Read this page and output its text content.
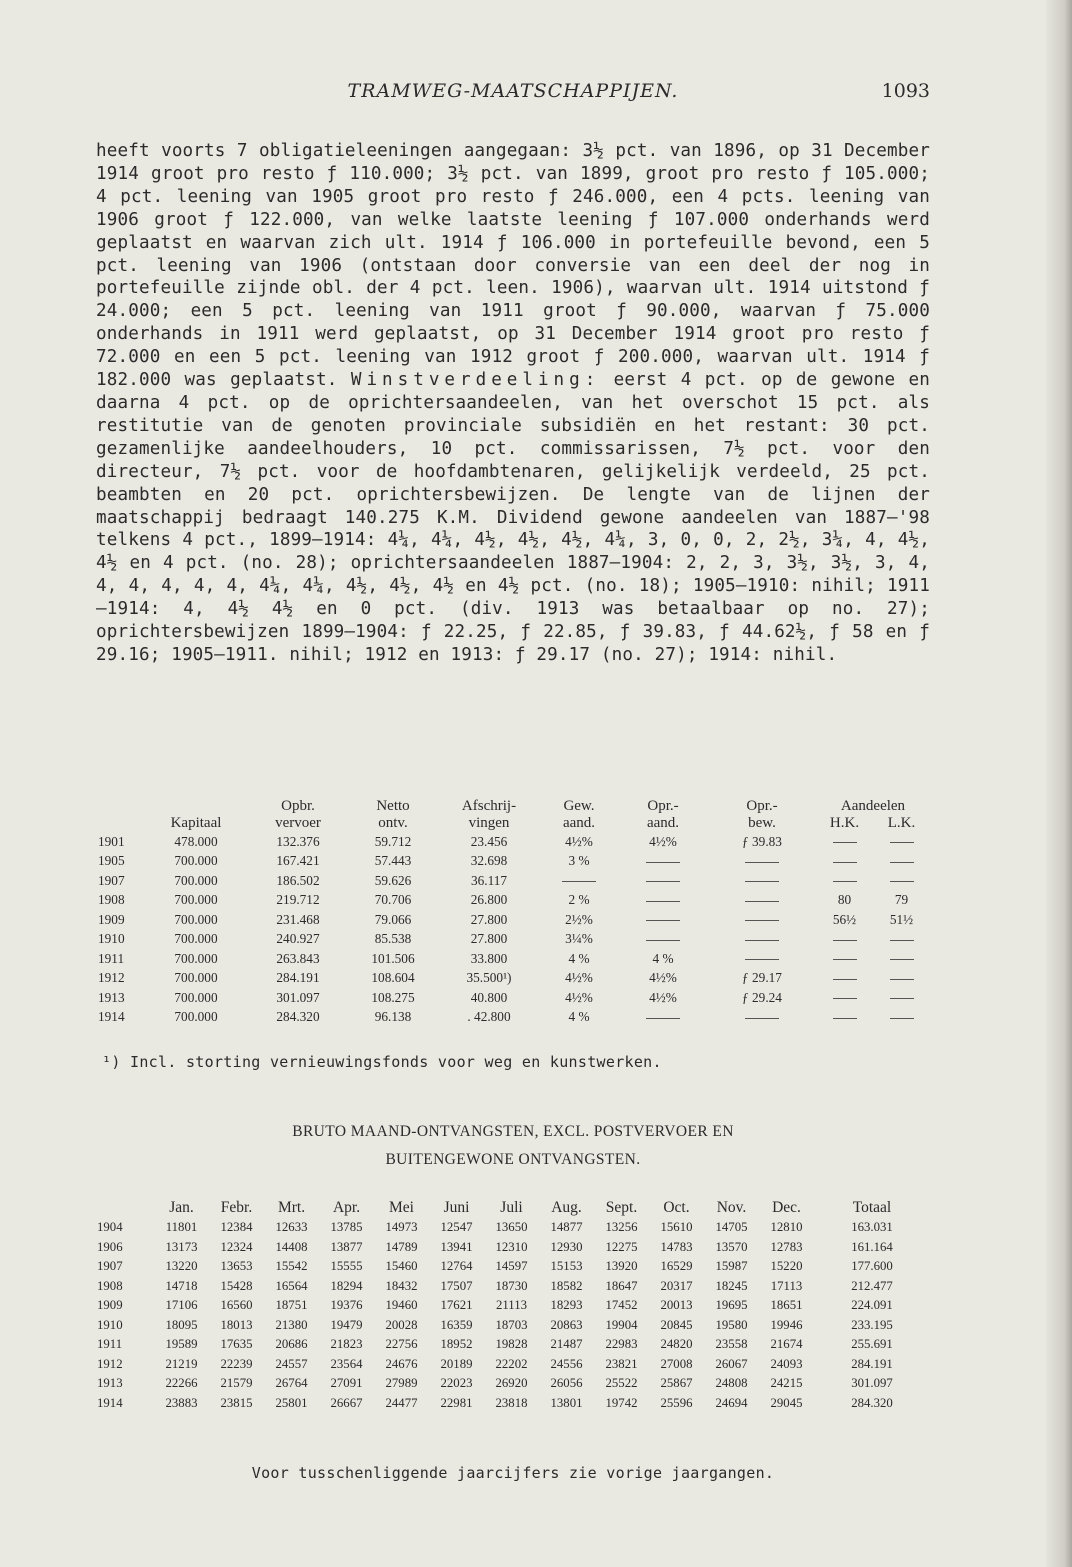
TRAMWEG-MAATSCHAPPIJEN.	1093
heeft voorts 7 obligatieleeningen aangegaan: 3½ pct. van 1896, op 31 December 1914 groot pro resto ƒ 110.000; 3½ pct. van 1899, groot pro resto ƒ 105.000; 4 pct. leening van 1905 groot pro resto ƒ 246.000, een 4 pcts. leening van 1906 groot ƒ 122.000, van welke laatste leening ƒ 107.000 onderhands werd geplaatst en waarvan zich ult. 1914 ƒ 106.000 in portefeuille bevond, een 5 pct. leening van 1906 (ontstaan door conversie van een deel der nog in portefeuille zijnde obl. der 4 pct. leen. 1906), waarvan ult. 1914 uitstond ƒ 24.000; een 5 pct. leening van 1911 groot ƒ 90.000, waarvan ƒ 75.000 onderhands in 1911 werd geplaatst, op 31 December 1914 groot pro resto ƒ 72.000 en een 5 pct. leening van 1912 groot ƒ 200.000, waarvan ult. 1914 ƒ 182.000 was geplaatst. Winstverdeeling: eerst 4 pct. op de gewone en daarna 4 pct. op de oprichtersaandeelen, van het overschot 15 pct. als restitutie van de genoten provinciale subsidiën en het restant: 30 pct. gezamenlijke aandeelhouders, 10 pct. commissarissen, 7½ pct. voor den directeur, 7½ pct. voor de hoofdambtenaren, gelijkelijk verdeeld, 25 pct. beambten en 20 pct. oprichtersbewijzen. De lengte van de lijnen der maatschappij bedraagt 140.275 K.M. Dividend gewone aandeelen van 1887—'98 telkens 4 pct., 1899—1914: 4¼, 4¼, 4½, 4½, 4½, 4¼, 3, 0, 0, 2, 2½, 3¼, 4, 4½, 4½ en 4 pct. (no. 28); oprichtersaandeelen 1887—1904: 2, 2, 3, 3½, 3½, 3, 4, 4, 4, 4, 4, 4, 4¼, 4¼, 4½, 4½, 4½ en 4½ pct. (no. 18); 1905—1910: nihil; 1911—1914: 4, 4½ 4½ en 0 pct. (div. 1913 was betaalbaar op no. 27); oprichtersbewijzen 1899—1904: ƒ 22.25, ƒ 22.85, ƒ 39.83, ƒ 44.62½, ƒ 58 en ƒ 29.16; 1905—1911. nihil; 1912 en 1913: ƒ 29.17 (no. 27); 1914: nihil.
		Opbr.	Netto	Afschrij-	Gew.	Opr.-	Opr.-	Aandeelen	
	Kapitaal	vervoer	ontv.	vingen	aand.	aand.	bew.	H.K.	L.K.
1901	478.000	132.376	59.712	23.456	4½%	4½%	ƒ 39.83		
1905	700.000	167.421	57.443	32.698	3 %				
1907	700.000	186.502	59.626	36.117					
1908	700.000	219.712	70.706	26.800	2 %			80	79
1909	700.000	231.468	79.066	27.800	2½%			56½	51½
1910	700.000	240.927	85.538	27.800	3¼%				
1911	700.000	263.843	101.506	33.800	4 %	4 %			
1912	700.000	284.191	108.604	35.500¹)	4½%	4½%	ƒ 29.17		
1913	700.000	301.097	108.275	40.800	4½%	4½%	ƒ 29.24		
1914	700.000	284.320	96.138	. 42.800	4 %				
¹) Incl. storting vernieuwingsfonds voor weg en kunstwerken.
BRUTO MAAND-ONTVANGSTEN, EXCL. POSTVERVOER EN
BUITENGEWONE ONTVANGSTEN.
	Jan.	Febr.	Mrt.	Apr.	Mei	Juni	Juli	Aug.	Sept.	Oct.	Nov.	Dec.	Totaal
1904	11801	12384	12633	13785	14973	12547	13650	14877	13256	15610	14705	12810	163.031
1906	13173	12324	14408	13877	14789	13941	12310	12930	12275	14783	13570	12783	161.164
1907	13220	13653	15542	15555	15460	12764	14597	15153	13920	16529	15987	15220	177.600
1908	14718	15428	16564	18294	18432	17507	18730	18582	18647	20317	18245	17113	212.477
1909	17106	16560	18751	19376	19460	17621	21113	18293	17452	20013	19695	18651	224.091
1910	18095	18013	21380	19479	20028	16359	18703	20863	19904	20845	19580	19946	233.195
1911	19589	17635	20686	21823	22756	18952	19828	21487	22983	24820	23558	21674	255.691
1912	21219	22239	24557	23564	24676	20189	22202	24556	23821	27008	26067	24093	284.191
1913	22266	21579	26764	27091	27989	22023	26920	26056	25522	25867	24808	24215	301.097
1914	23883	23815	25801	26667	24477	22981	23818	13801	19742	25596	24694	29045	284.320
Voor tusschenliggende jaarcijfers zie vorige jaargangen.
